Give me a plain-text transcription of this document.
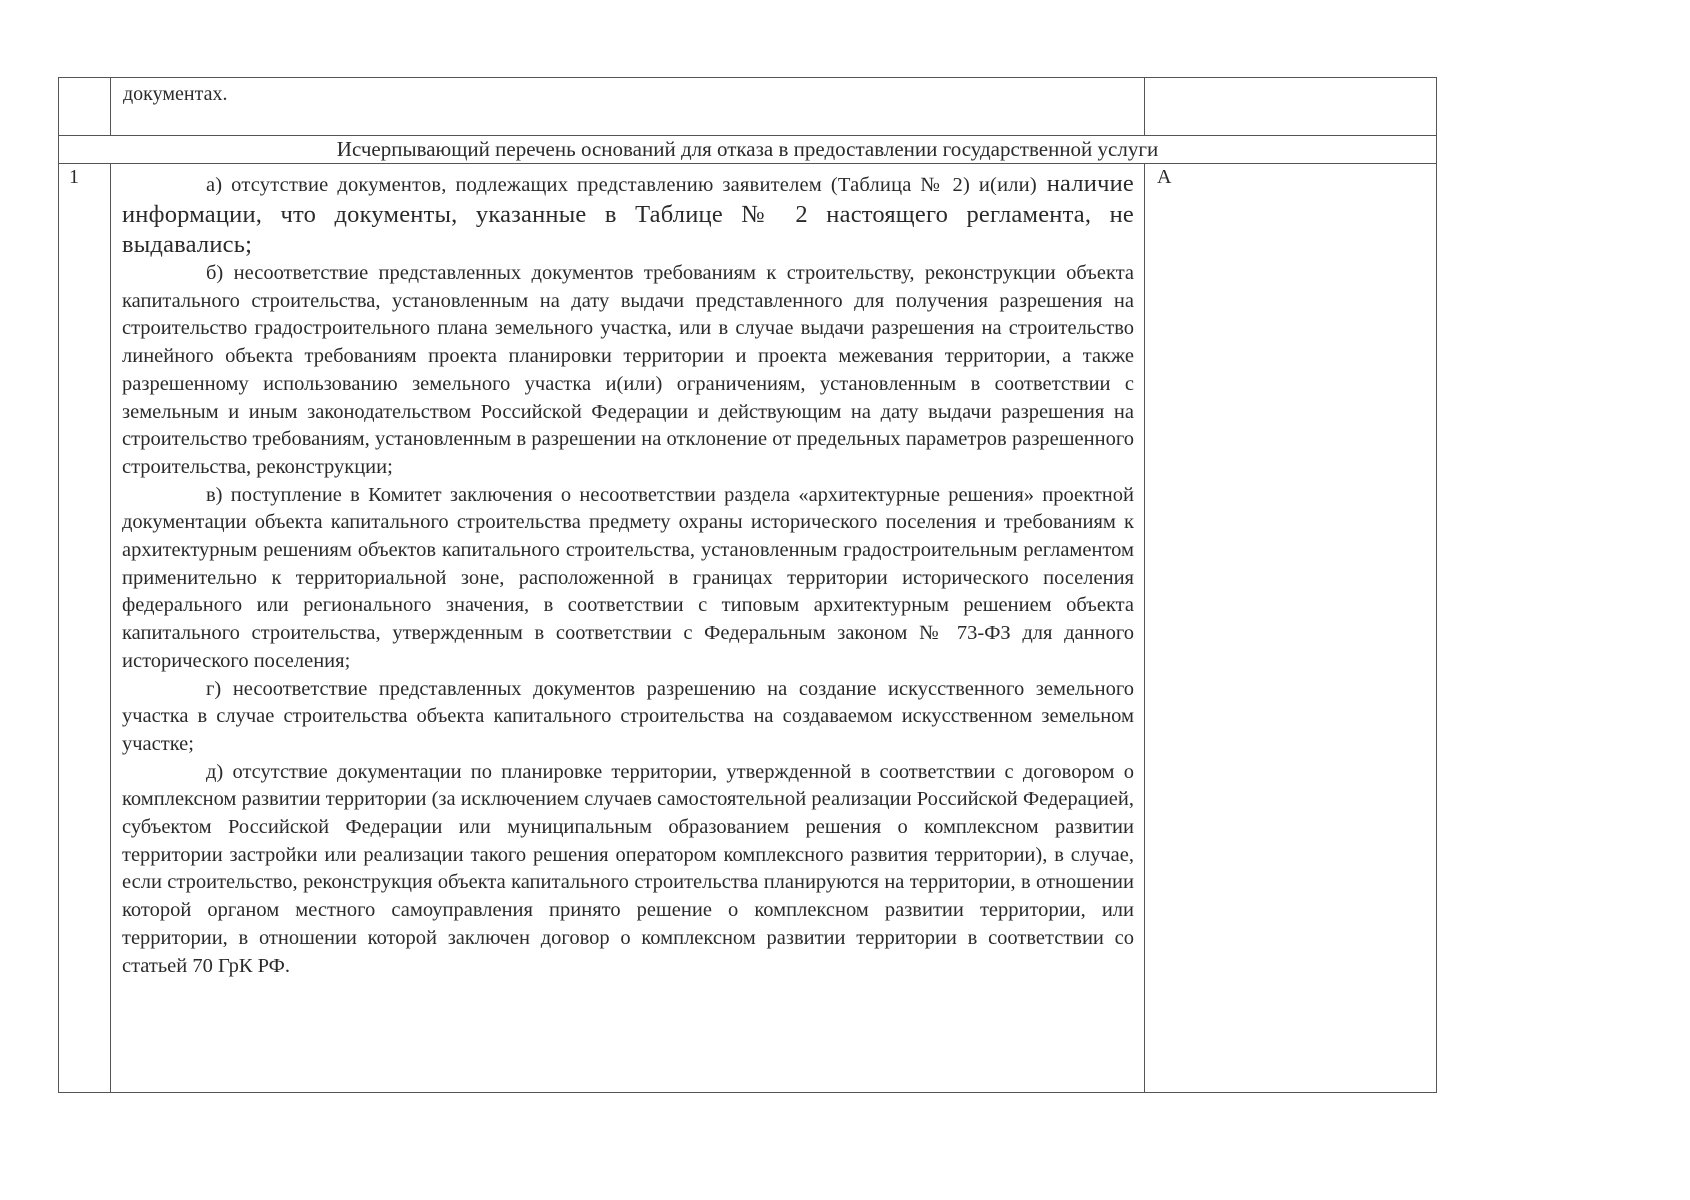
	документах.	

Исчерпывающий перечень оснований для отказа в предоставлении государственной услуги		

1	а) отсутствие документов, подлежащих представлению заявителем (Таблица № 2) и(или) наличие информации, что документы, указанные в Таблице № 2 настоящего регламента, не выдавались;

б) несоответствие представленных документов требованиям к строительству, реконструкции объекта капитального строительства, установленным на дату выдачи представленного для получения разрешения на строительство градостроительного плана земельного участка, или в случае выдачи разрешения на строительство линейного объекта требованиям проекта планировки территории и проекта межевания территории, а также разрешенному использованию земельного участка и(или) ограничениям, установленным в соответствии с земельным и иным законодательством Российской Федерации и действующим на дату выдачи разрешения на строительство требованиям, установленным в разрешении на отклонение от предельных параметров разрешенного строительства, реконструкции;

в) поступление в Комитет заключения о несоответствии раздела «архитектурные решения» проектной документации объекта капитального строительства предмету охраны исторического поселения и требованиям к архитектурным решениям объектов капитального строительства, установленным градостроительным регламентом применительно к территориальной зоне, расположенной в границах территории исторического поселения федерального или регионального значения, в соответствии с типовым архитектурным решением объекта капитального строительства, утвержденным в соответствии с Федеральным законом № 73-ФЗ для данного исторического поселения;

г) несоответствие представленных документов разрешению на создание искусственного земельного участка в случае строительства объекта капитального строительства на создаваемом искусственном земельном участке;

д) отсутствие документации по планировке территории, утвержденной в соответствии с договором о комплексном развитии территории (за исключением случаев самостоятельной реализации Российской Федерацией, субъектом Российской Федерации или муниципальным образованием решения о комплексном развитии территории застройки или реализации такого решения оператором комплексного развития территории), в случае, если строительство, реконструкция объекта капитального строительства планируются на территории, в отношении которой органом местного самоуправления принято решение о комплексном развитии территории, или территории, в отношении которой заключен договор о комплексном развитии территории в соответствии со статьей 70 ГрК РФ.	А
